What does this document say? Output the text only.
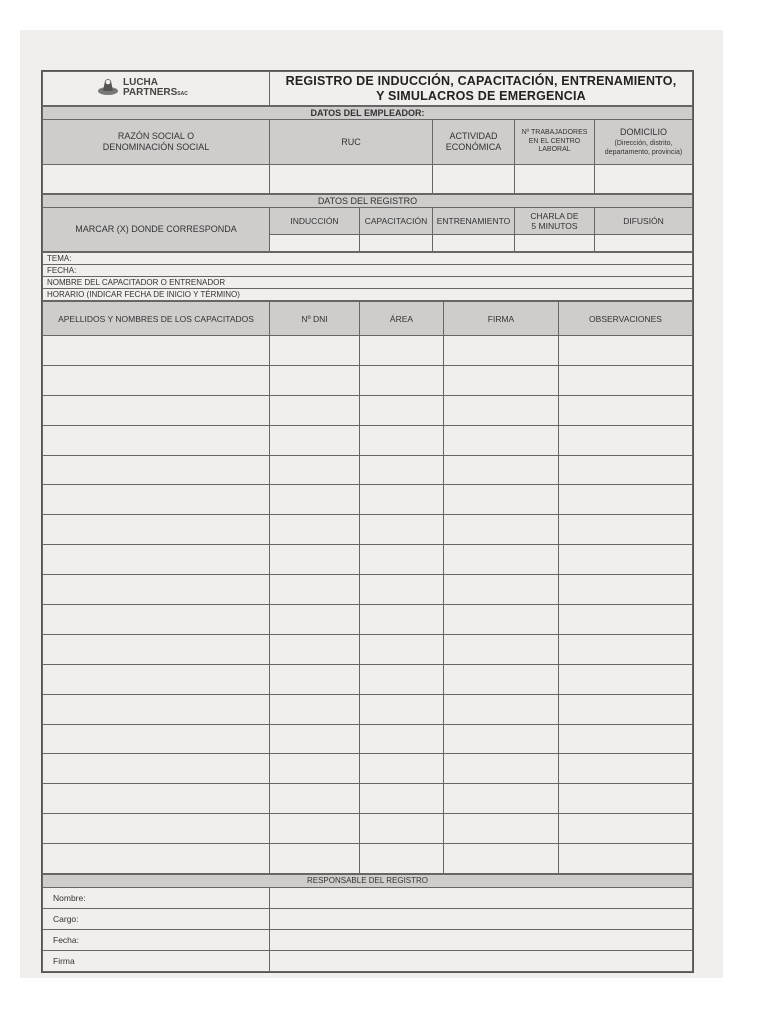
LUCHA
PARTNERSSAC

REGISTRO DE INDUCCIÓN, CAPACITACIÓN, ENTRENAMIENTO,
Y SIMULACROS DE EMERGENCIA
DATOS DEL EMPLEADOR:				
RAZÓN SOCIAL O DENOMINACIÓN SOCIAL	RUC	ACTIVIDAD ECONÓMICA	Nº TRABAJADORES EN EL CENTRO LABORAL	DOMICILIO
(Dirección, distrito, departamento, provincia)

DATOS DEL REGISTRO					
MARCAR (X) DONDE CORRESPONDA	INDUCCIÓN	CAPACITACIÓN	ENTRENAMIENTO	CHARLA DE 5 MINUTOS	DIFUSIÓN

TEMA:
FECHA:
NOMBRE DEL CAPACITADOR O ENTRENADOR
HORARIO (INDICAR FECHA DE INICIO Y TÉRMINO)
APELLIDOS Y NOMBRES DE LOS CAPACITADOS	Nº DNI	ÁREA	FIRMA	OBSERVACIONES

RESPONSABLE DEL REGISTRO	
Nombre:	
Cargo:	
Fecha:	
Firma	
